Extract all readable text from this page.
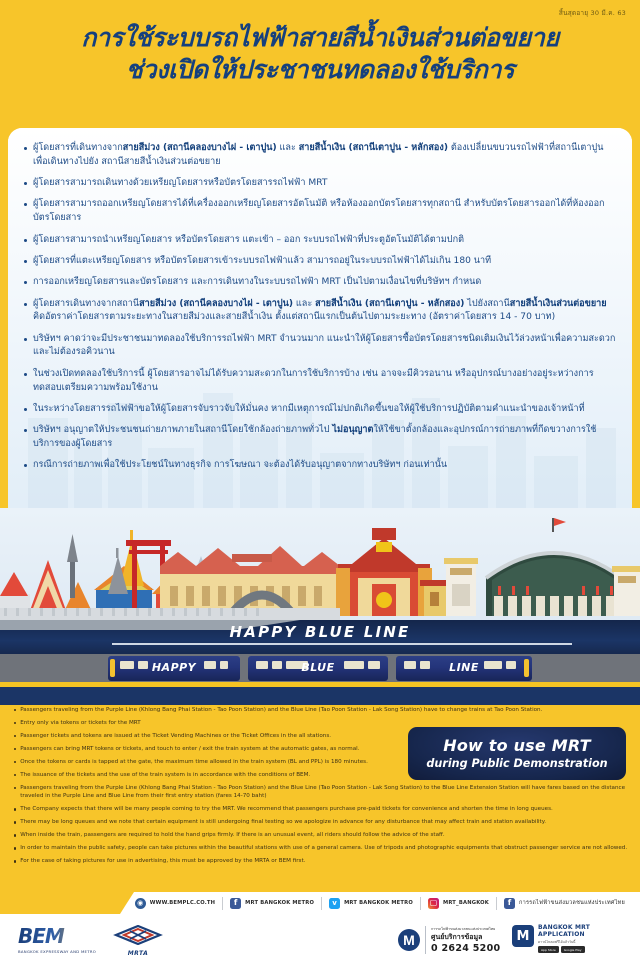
สิ้นสุดอายุ 30 มี.ค. 63
การใช้ระบบรถไฟฟ้าสายสีน้ำเงินส่วนต่อขยาย
ช่วงเปิดให้ประชาชนทดลองใช้บริการ
ผู้โดยสารที่เดินทางจากสายสีม่วง (สถานีคลองบางไผ่ - เตาปูน) และ สายสีน้ำเงิน (สถานีเตาปูน - หลักสอง) ต้องเปลี่ยนขบวนรถไฟฟ้าที่สถานีเตาปูนเพื่อเดินทางไปยัง สถานีสายสีน้ำเงินส่วนต่อขยาย
ผู้โดยสารสามารถเดินทางด้วยเหรียญโดยสารหรือบัตรโดยสารรถไฟฟ้า MRT
ผู้โดยสารสามารถออกเหรียญโดยสารได้ที่เครื่องออกเหรียญโดยสารอัตโนมัติ หรือห้องออกบัตรโดยสารทุกสถานี สำหรับบัตรโดยสารออกได้ที่ห้องออกบัตรโดยสาร
ผู้โดยสารสามารถนำเหรียญโดยสาร หรือบัตรโดยสาร แตะเข้า – ออก ระบบรถไฟฟ้าที่ประตูอัตโนมัติได้ตามปกติ
ผู้โดยสารที่แตะเหรียญโดยสาร หรือบัตรโดยสารเข้าระบบรถไฟฟ้าแล้ว สามารถอยู่ในระบบรถไฟฟ้าได้ไม่เกิน 180 นาที
การออกเหรียญโดยสารและบัตรโดยสาร และการเดินทางในระบบรถไฟฟ้า MRT เป็นไปตามเงื่อนไขที่บริษัทฯ กำหนด
ผู้โดยสารเดินทางจากสถานีสายสีม่วง (สถานีคลองบางไผ่ - เตาปูน) และ สายสีน้ำเงิน (สถานีเตาปูน - หลักสอง) ไปยังสถานีสายสีน้ำเงินส่วนต่อขยาย คิดอัตราค่าโดยสารตามระยะทางในสายสีม่วงและสายสีน้ำเงิน ตั้งแต่สถานีแรกเป็นต้นไปตามระยะทาง (อัตราค่าโดยสาร 14 - 70 บาท)
บริษัทฯ คาดว่าจะมีประชาชนมาทดลองใช้บริการรถไฟฟ้า MRT จำนวนมาก แนะนำให้ผู้โดยสารซื้อบัตรโดยสารชนิดเติมเงินไว้ล่วงหน้าเพื่อความสะดวกและไม่ต้องรอคิวนาน
ในช่วงเปิดทดลองใช้บริการนี้ ผู้โดยสารอาจไม่ได้รับความสะดวกในการใช้บริการบ้าง เช่น อาจจะมีคิวรอนาน หรืออุปกรณ์บางอย่างอยู่ระหว่างการทดสอบเตรียมความพร้อมใช้งาน
ในระหว่างโดยสารรถไฟฟ้าขอให้ผู้โดยสารจับราวจับให้มั่นคง หากมีเหตุการณ์ไม่ปกติเกิดขึ้นขอให้ผู้ใช้บริการปฏิบัติตามคำแนะนำของเจ้าหน้าที่
บริษัทฯ อนุญาตให้ประชนชนถ่ายภาพภายในสถานีโดยใช้กล้องถ่ายภาพทั่วไป ไม่อนุญาตให้ใช้ขาตั้งกล้องและอุปกรณ์การถ่ายภาพที่กีดขวางการใช้บริการของผู้โดยสาร
กรณีการถ่ายภาพเพื่อใช้ประโยชน์ในทางธุรกิจ การโฆษณา จะต้องได้รับอนุญาตจากทางบริษัทฯ ก่อนเท่านั้น
HAPPY BLUE LINE
HAPPY	BLUE	LINE
Passengers traveling from the Purple Line (Khlong Bang Phai Station - Tao Poon Station) and the Blue Line (Tao Poon Station - Lak Song Station) have to change trains at Tao Poon Station.
Entry only via tokens or tickets for the MRT
Passenger tickets and tokens are issued at the Ticket Vending Machines or the Ticket Offices in the all stations.
Passengers can bring MRT tokens or tickets, and touch to enter / exit the train system at the automatic gates, as normal.
Once the tokens or cards is tapped at the gate, the maximum time allowed in the train system (BL and PPL) is 180 minutes.
The issuance of the tickets and the use of the train system is in accordance with the conditions of BEM.
Passengers traveling from the Purple Line (Khlong Bang Phai Station - Tao Poon Station) and the Blue Line (Tao Poon Station - Lak Song Station) to the Blue Line Extension Station will have fares based on the distance traveled in the Purple Line and Blue Line from their first entry station (fares 14-70 baht)
The Company expects that there will be many people coming to try the MRT. We recommend that passengers purchase pre-paid tickets for convenience and shorten the time in long queues.
There may be long queues and we note that certain equipment is still undergoing final testing so we apologize in advance for any disturbance that may affect train and station availability.
When inside the train, passengers are required to hold the hand grips firmly. If there is an unusual event, all riders should follow the advice of the staff.
In order to maintain the public safety, people can take pictures within the beautiful stations with use of a general camera. Use of tripods and photographic equipments that obstruct passenger service are not allowed.
For the case of taking pictures for use in advertising, this must be approved by the MRTA or BEM first.
How to use MRT
during Public Demonstration
◉	WWW.BEMPLC.CO.TH	f	MRT BANGKOK METRO	ᴠ	MRT BANGKOK METRO ▢	MRT_BANGKOK	f	การรถไฟฟ้าขนส่งมวลชนแห่งประเทศไทย
BEM
BANGKOK EXPRESSWAY AND METRO	MRTA
M
การรถไฟฟ้าขนส่งมวลชนแห่งประเทศไทย
ศูนย์บริการข้อมูล
0 2624 5200
M
BANGKOK MRT
APPLICATION
ดาวน์โหลดฟรีได้แล้ววันนี้
App Store	Google Play
